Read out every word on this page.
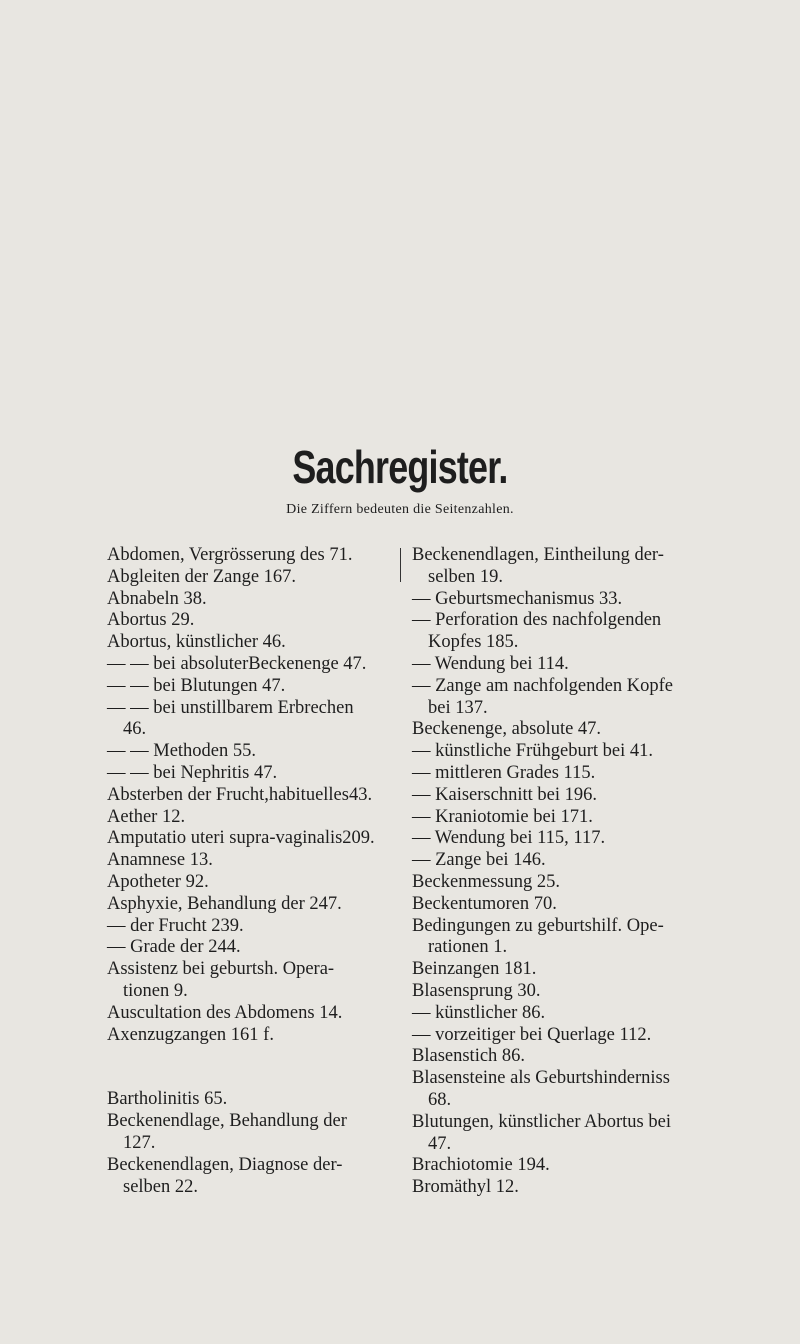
Sachregister.
Die Ziffern bedeuten die Seitenzahlen.
Abdomen, Vergrösserung des 71.
Abgleiten der Zange 167.
Abnabeln 38.
Abortus 29.
Abortus, künstlicher 46.
— — bei absoluterBeckenenge 47.
— — bei Blutungen 47.
— — bei unstillbarem Erbrechen
46.
— — Methoden 55.
— — bei Nephritis 47.
Absterben der Frucht,habituelles43.
Aether 12.
Amputatio uteri supra-vaginalis209.
Anamnese 13.
Apotheter 92.
Asphyxie, Behandlung der 247.
— der Frucht 239.
— Grade der 244.
Assistenz bei geburtsh. Opera-
tionen 9.
Auscultation des Abdomens 14.
Axenzugzangen 161 f.
Bartholinitis 65.
Beckenendlage, Behandlung der
127.
Beckenendlagen, Diagnose der-
selben 22.
Beckenendlagen, Eintheilung der-
selben 19.
— Geburtsmechanismus 33.
— Perforation des nachfolgenden
Kopfes 185.
— Wendung bei 114.
— Zange am nachfolgenden Kopfe
bei 137.
Beckenenge, absolute 47.
— künstliche Frühgeburt bei 41.
— mittleren Grades 115.
— Kaiserschnitt bei 196.
— Kraniotomie bei 171.
— Wendung bei 115, 117.
— Zange bei 146.
Beckenmessung 25.
Beckentumoren 70.
Bedingungen zu geburtshilf. Ope-
rationen 1.
Beinzangen 181.
Blasensprung 30.
— künstlicher 86.
— vorzeitiger bei Querlage 112.
Blasenstich 86.
Blasensteine als Geburtshinderniss
68.
Blutungen, künstlicher Abortus bei
47.
Brachiotomie 194.
Bromäthyl 12.
